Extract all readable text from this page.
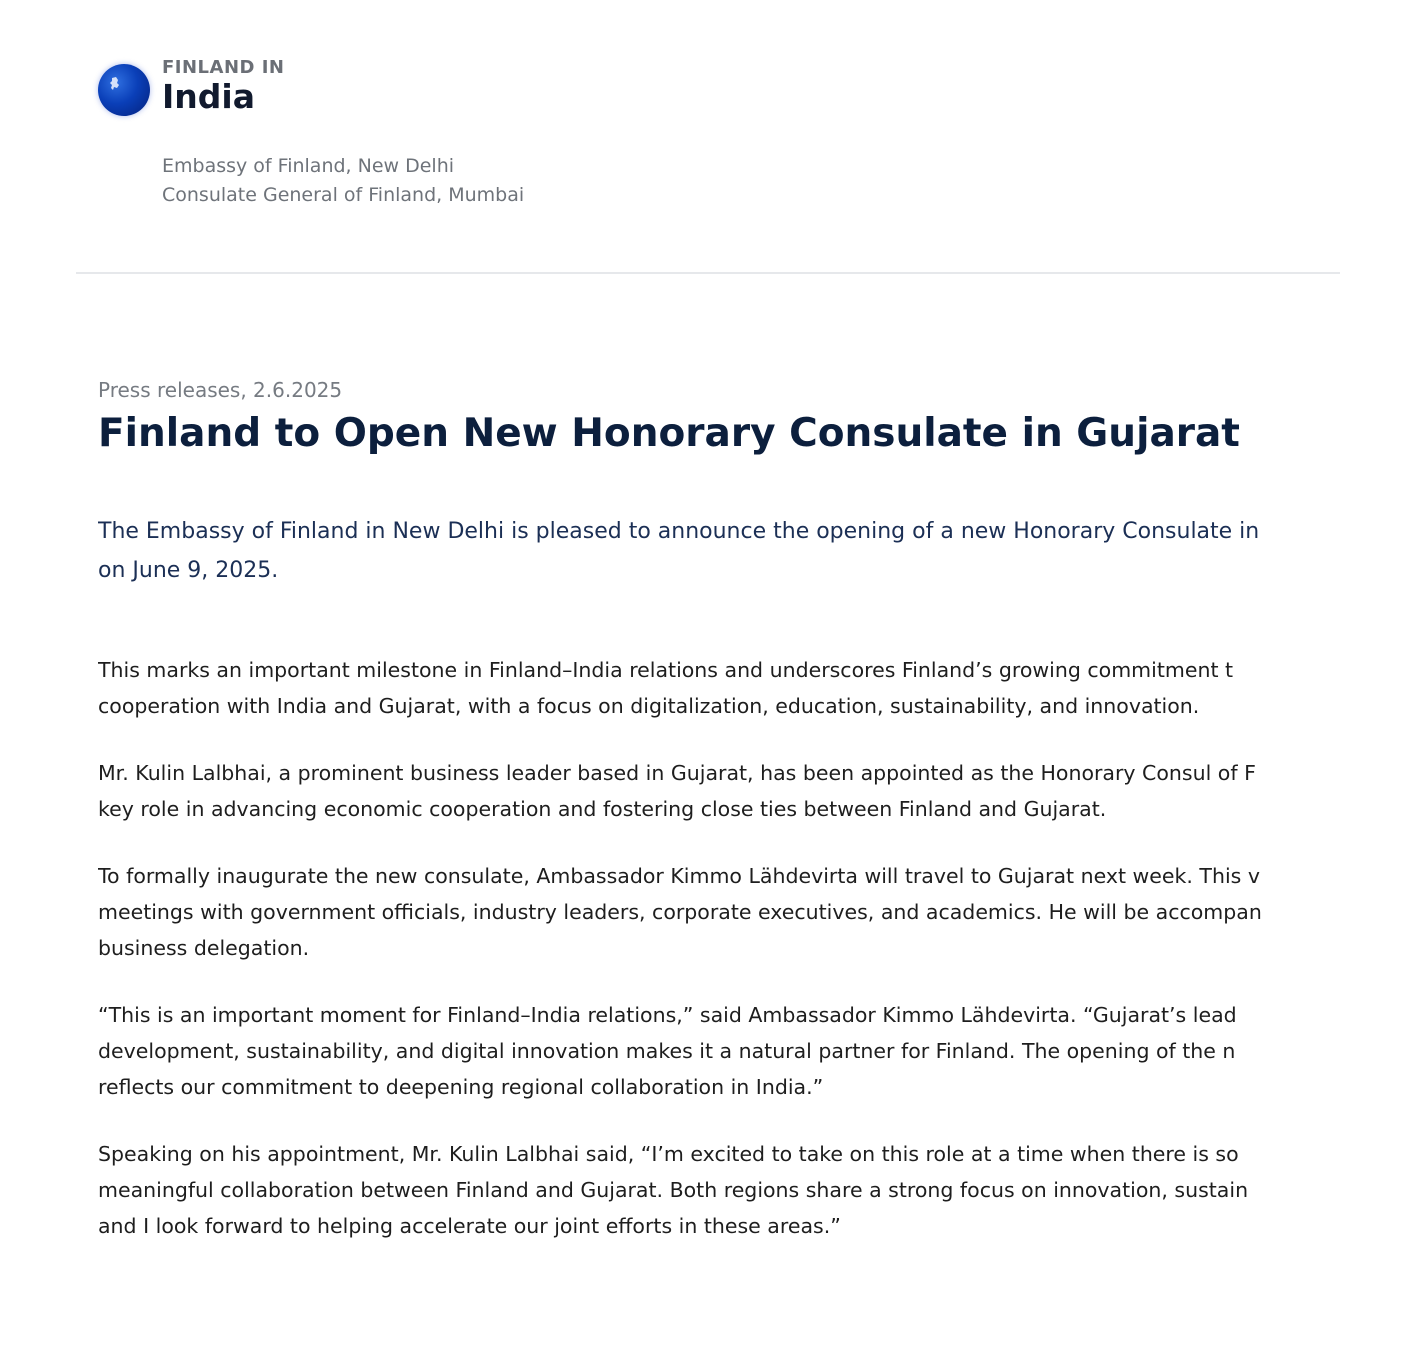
FINLAND IN
India
Embassy of Finland, New Delhi
Consulate General of Finland, Mumbai
Press releases, 2.6.2025
Finland to Open New Honorary Consulate in Gujarat
The Embassy of Finland in New Delhi is pleased to announce the opening of a new Honorary Consulate in
on June 9, 2025.
This marks an important milestone in Finland–India relations and underscores Finland’s growing commitment t
cooperation with India and Gujarat, with a focus on digitalization, education, sustainability, and innovation.
Mr. Kulin Lalbhai, a prominent business leader based in Gujarat, has been appointed as the Honorary Consul of F
key role in advancing economic cooperation and fostering close ties between Finland and Gujarat.
To formally inaugurate the new consulate, Ambassador Kimmo Lähdevirta will travel to Gujarat next week. This v
meetings with government officials, industry leaders, corporate executives, and academics. He will be accompan
business delegation.
“This is an important moment for Finland–India relations,” said Ambassador Kimmo Lähdevirta. “Gujarat’s lead
development, sustainability, and digital innovation makes it a natural partner for Finland. The opening of the n
reflects our commitment to deepening regional collaboration in India.”
Speaking on his appointment, Mr. Kulin Lalbhai said, “I’m excited to take on this role at a time when there is so
meaningful collaboration between Finland and Gujarat. Both regions share a strong focus on innovation, sustain
and I look forward to helping accelerate our joint efforts in these areas.”
